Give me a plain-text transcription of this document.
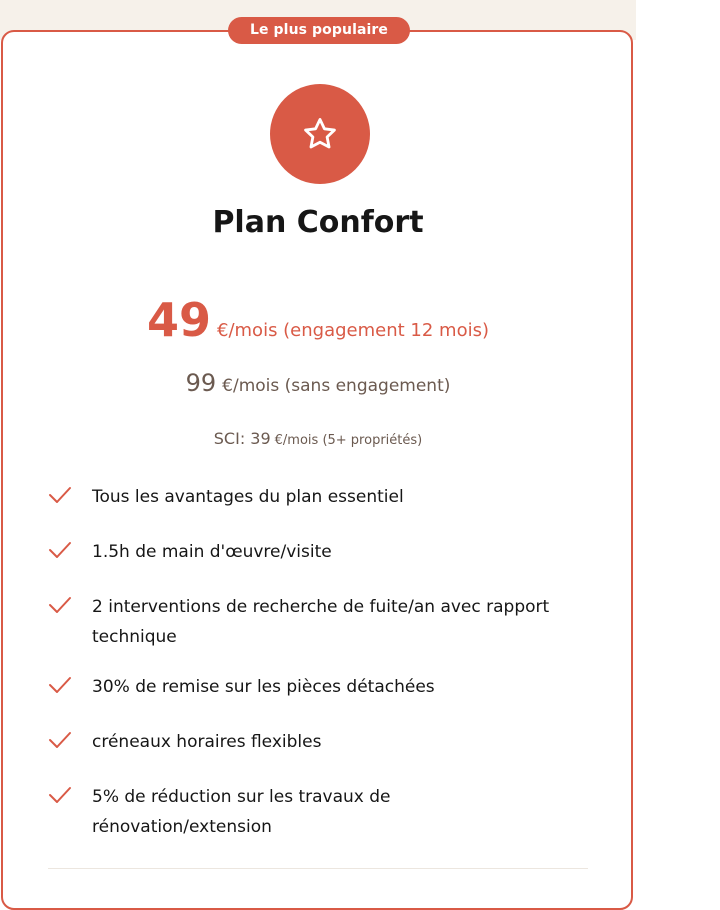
Le plus populaire
Plan Confort
49 €/mois (engagement 12 mois)
99 €/mois (sans engagement)
SCI: 39 €/mois (5+ propriétés)
Tous les avantages du plan essentiel
1.5h de main d'œuvre/visite
2 interventions de recherche de fuite/an avec rapport technique
30% de remise sur les pièces détachées
créneaux horaires flexibles
5% de réduction sur les travaux de rénovation/extension
